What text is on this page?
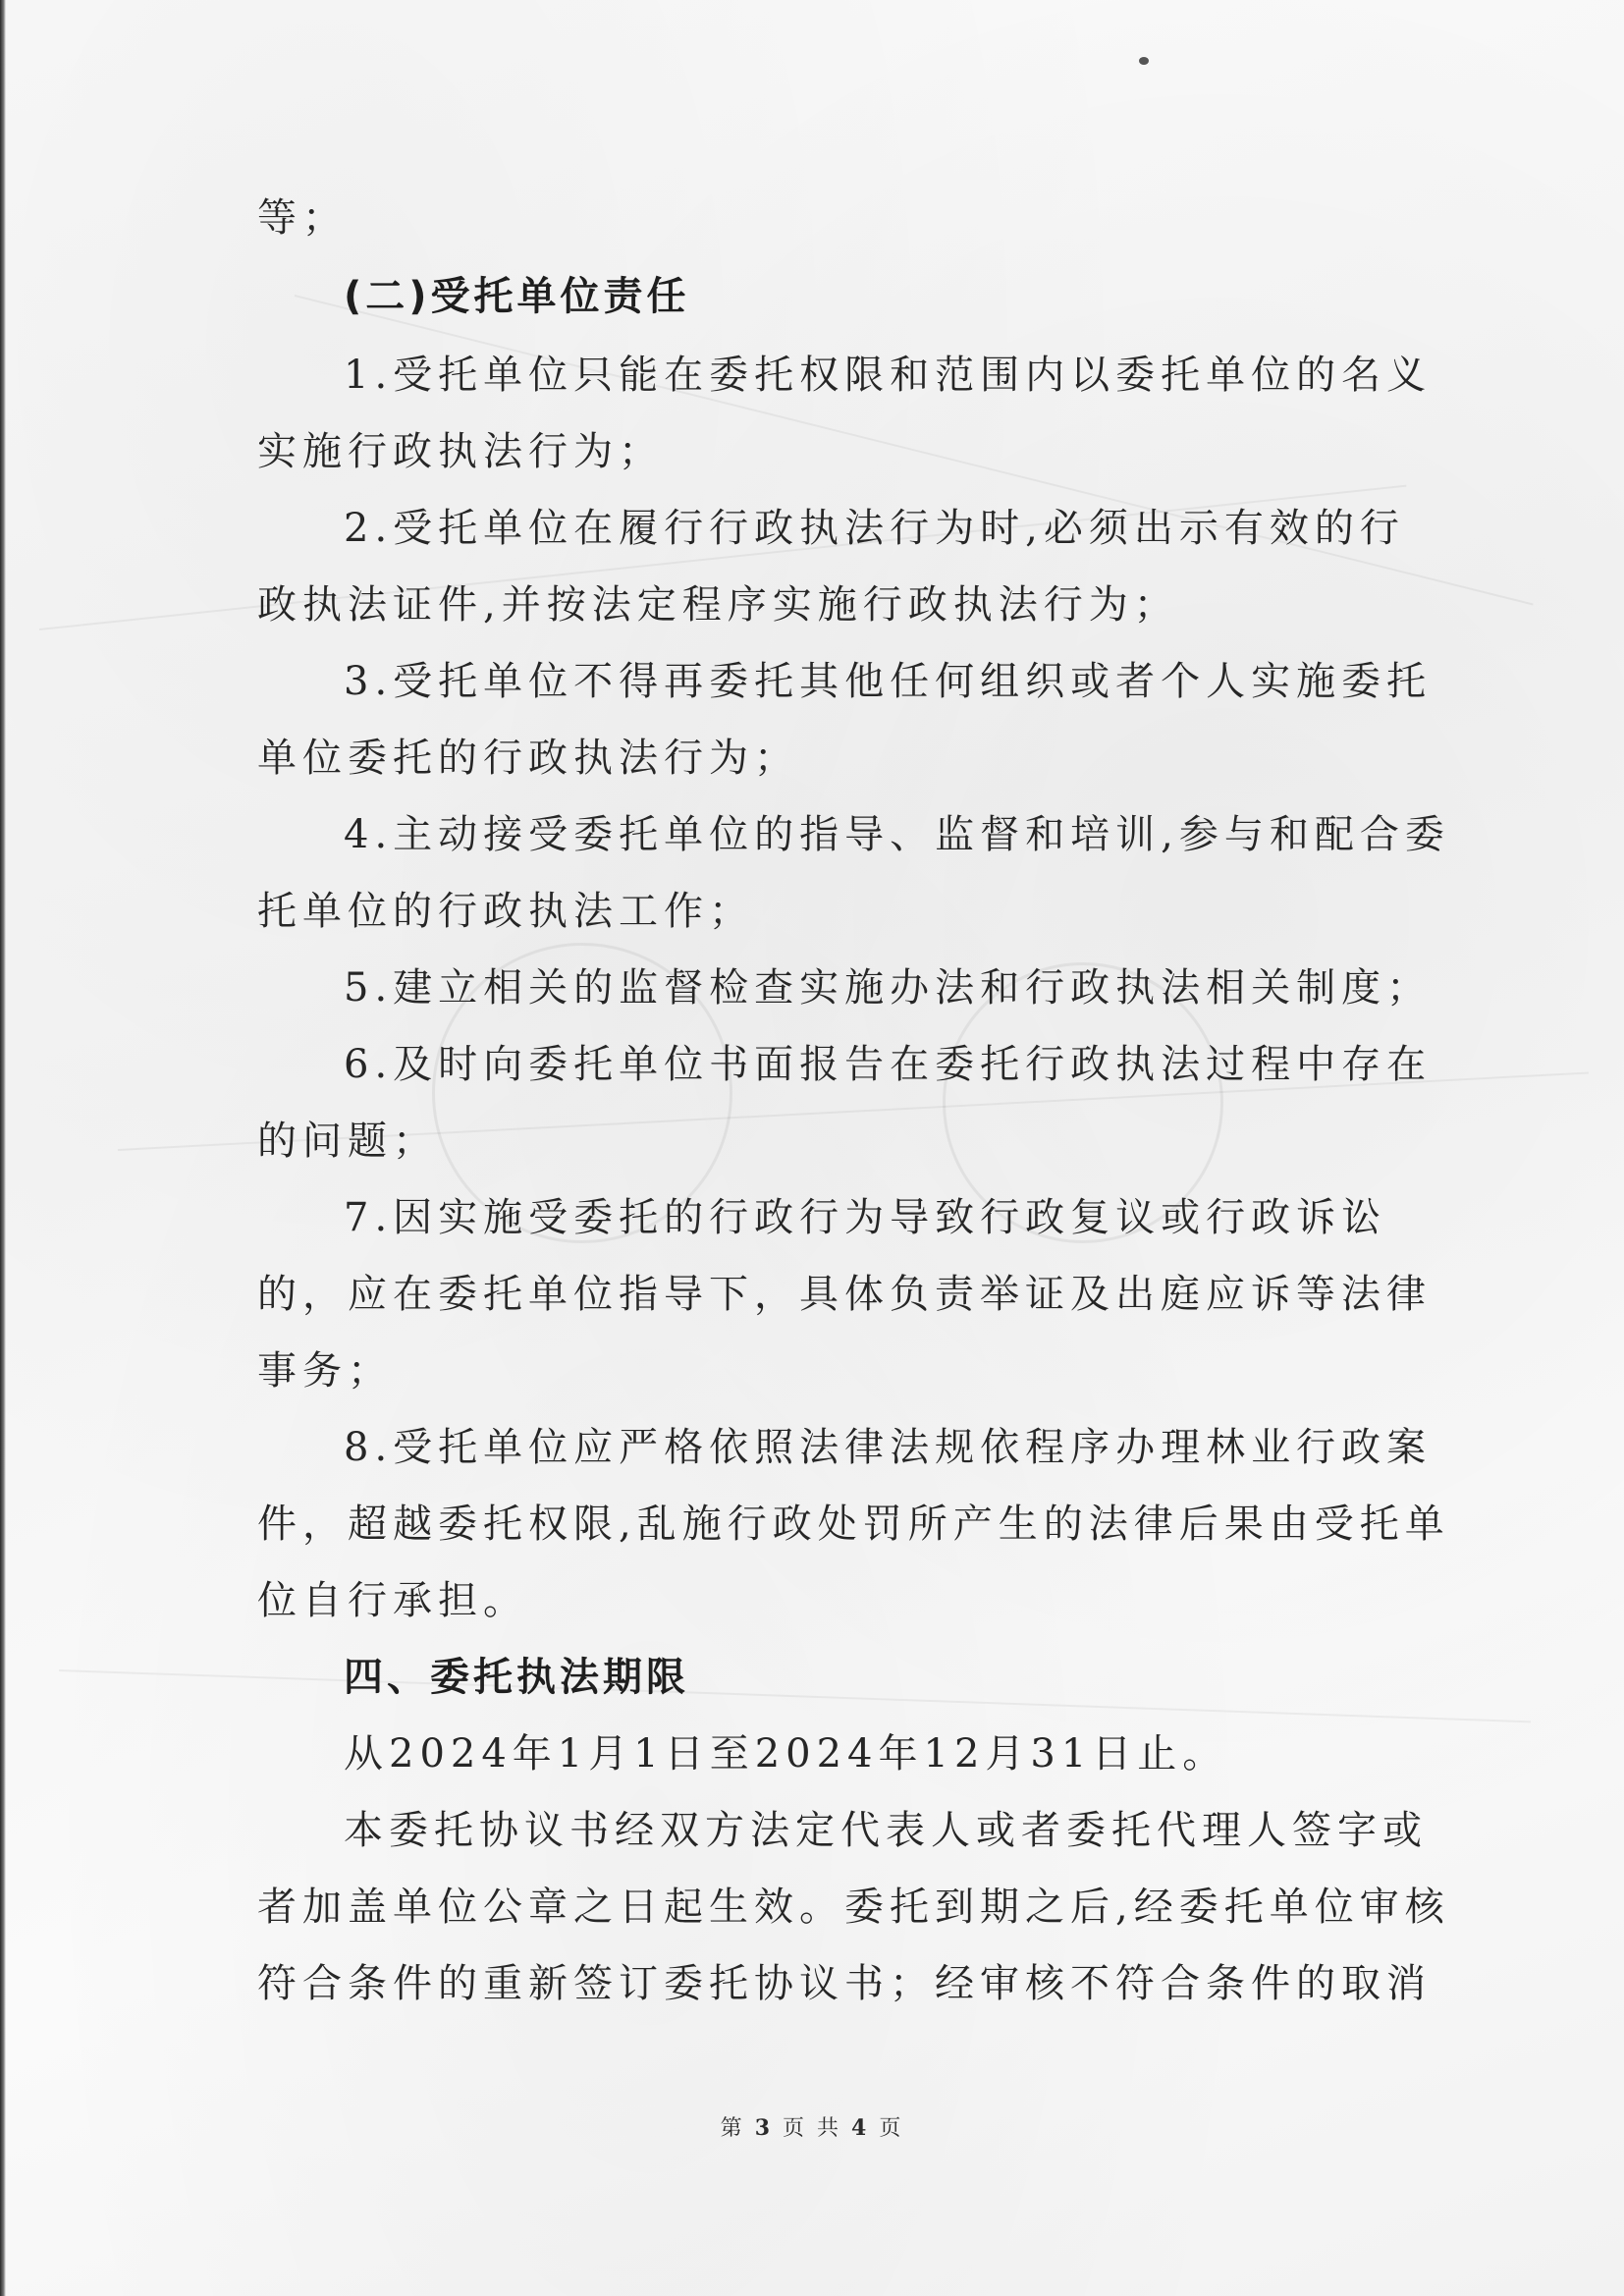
等；
(二)受托单位责任
1.受托单位只能在委托权限和范围内以委托单位的名义
实施行政执法行为；
2.受托单位在履行行政执法行为时,必须出示有效的行
政执法证件,并按法定程序实施行政执法行为；
3.受托单位不得再委托其他任何组织或者个人实施委托
单位委托的行政执法行为；
4.主动接受委托单位的指导、监督和培训,参与和配合委
托单位的行政执法工作；
5.建立相关的监督检查实施办法和行政执法相关制度；
6.及时向委托单位书面报告在委托行政执法过程中存在
的问题；
7.因实施受委托的行政行为导致行政复议或行政诉讼
的，应在委托单位指导下，具体负责举证及出庭应诉等法律
事务；
8.受托单位应严格依照法律法规依程序办理林业行政案
件，超越委托权限,乱施行政处罚所产生的法律后果由受托单
位自行承担。
四、委托执法期限
从2024年1月1日至2024年12月31日止。
本委托协议书经双方法定代表人或者委托代理人签字或
者加盖单位公章之日起生效。委托到期之后,经委托单位审核
符合条件的重新签订委托协议书；经审核不符合条件的取消
第 3 页 共 4 页
